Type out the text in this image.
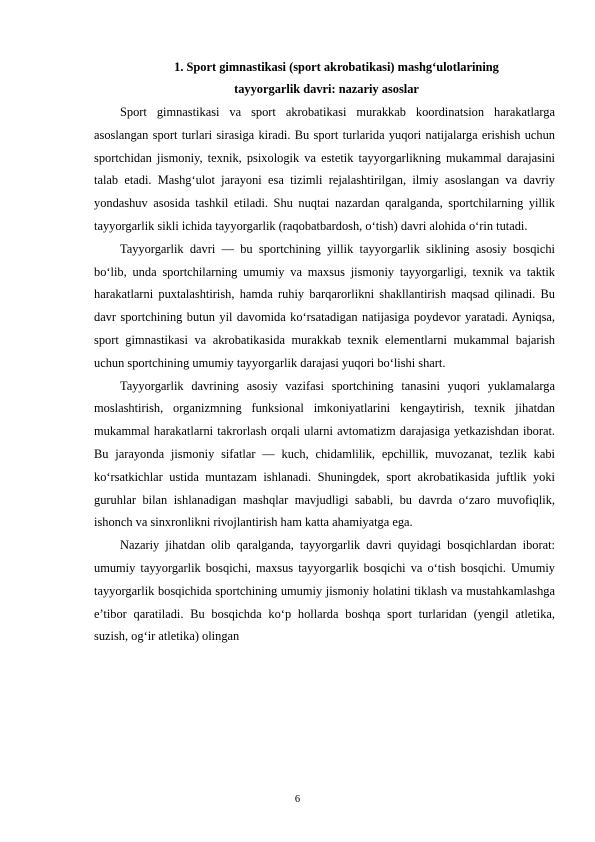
1. Sport gimnastikasi (sport akrobatikasi) mashg‘ulotlarining

tayyorgarlik davri: nazariy asoslar

Sport gimnastikasi va sport akrobatikasi murakkab koordinatsion harakatlarga asoslangan sport turlari sirasiga kiradi. Bu sport turlarida yuqori natijalarga erishish uchun sportchidan jismoniy, texnik, psixologik va estetik tayyorgarlikning mukammal darajasini talab etadi. Mashg‘ulot jarayoni esa tizimli rejalashtirilgan, ilmiy asoslangan va davriy yondashuv asosida tashkil etiladi. Shu nuqtai nazardan qaralganda, sportchilarning yillik tayyorgarlik sikli ichida tayyorgarlik (raqobatbardosh, o‘tish) davri alohida o‘rin tutadi.

Tayyorgarlik davri — bu sportchining yillik tayyorgarlik siklining asosiy bosqichi bo‘lib, unda sportchilarning umumiy va maxsus jismoniy tayyorgarligi, texnik va taktik harakatlarni puxtalashtirish, hamda ruhiy barqarorlikni shakllantirish maqsad qilinadi. Bu davr sportchining butun yil davomida ko‘rsatadigan natijasiga poydevor yaratadi. Ayniqsa, sport gimnastikasi va akrobatikasida murakkab texnik elementlarni mukammal bajarish uchun sportchining umumiy tayyorgarlik darajasi yuqori bo‘lishi shart.

Tayyorgarlik davrining asosiy vazifasi sportchining tanasini yuqori yuklamalarga moslashtirish, organizmning funksional imkoniyatlarini kengaytirish, texnik jihatdan mukammal harakatlarni takrorlash orqali ularni avtomatizm darajasiga yetkazishdan iborat. Bu jarayonda jismoniy sifatlar — kuch, chidamlilik, epchillik, muvozanat, tezlik kabi ko‘rsatkichlar ustida muntazam ishlanadi. Shuningdek, sport akrobatikasida juftlik yoki guruhlar bilan ishlanadigan mashqlar mavjudligi sababli, bu davrda o‘zaro muvofiqlik, ishonch va sinxronlikni rivojlantirish ham katta ahamiyatga ega.

Nazariy jihatdan olib qaralganda, tayyorgarlik davri quyidagi bosqichlardan iborat: umumiy tayyorgarlik bosqichi, maxsus tayyorgarlik bosqichi va o‘tish bosqichi. Umumiy tayyorgarlik bosqichida sportchining umumiy jismoniy holatini tiklash va mustahkamlashga e’tibor qaratiladi. Bu bosqichda ko‘p hollarda boshqa sport turlaridan (yengil atletika, suzish, og‘ir atletika) olingan

6
